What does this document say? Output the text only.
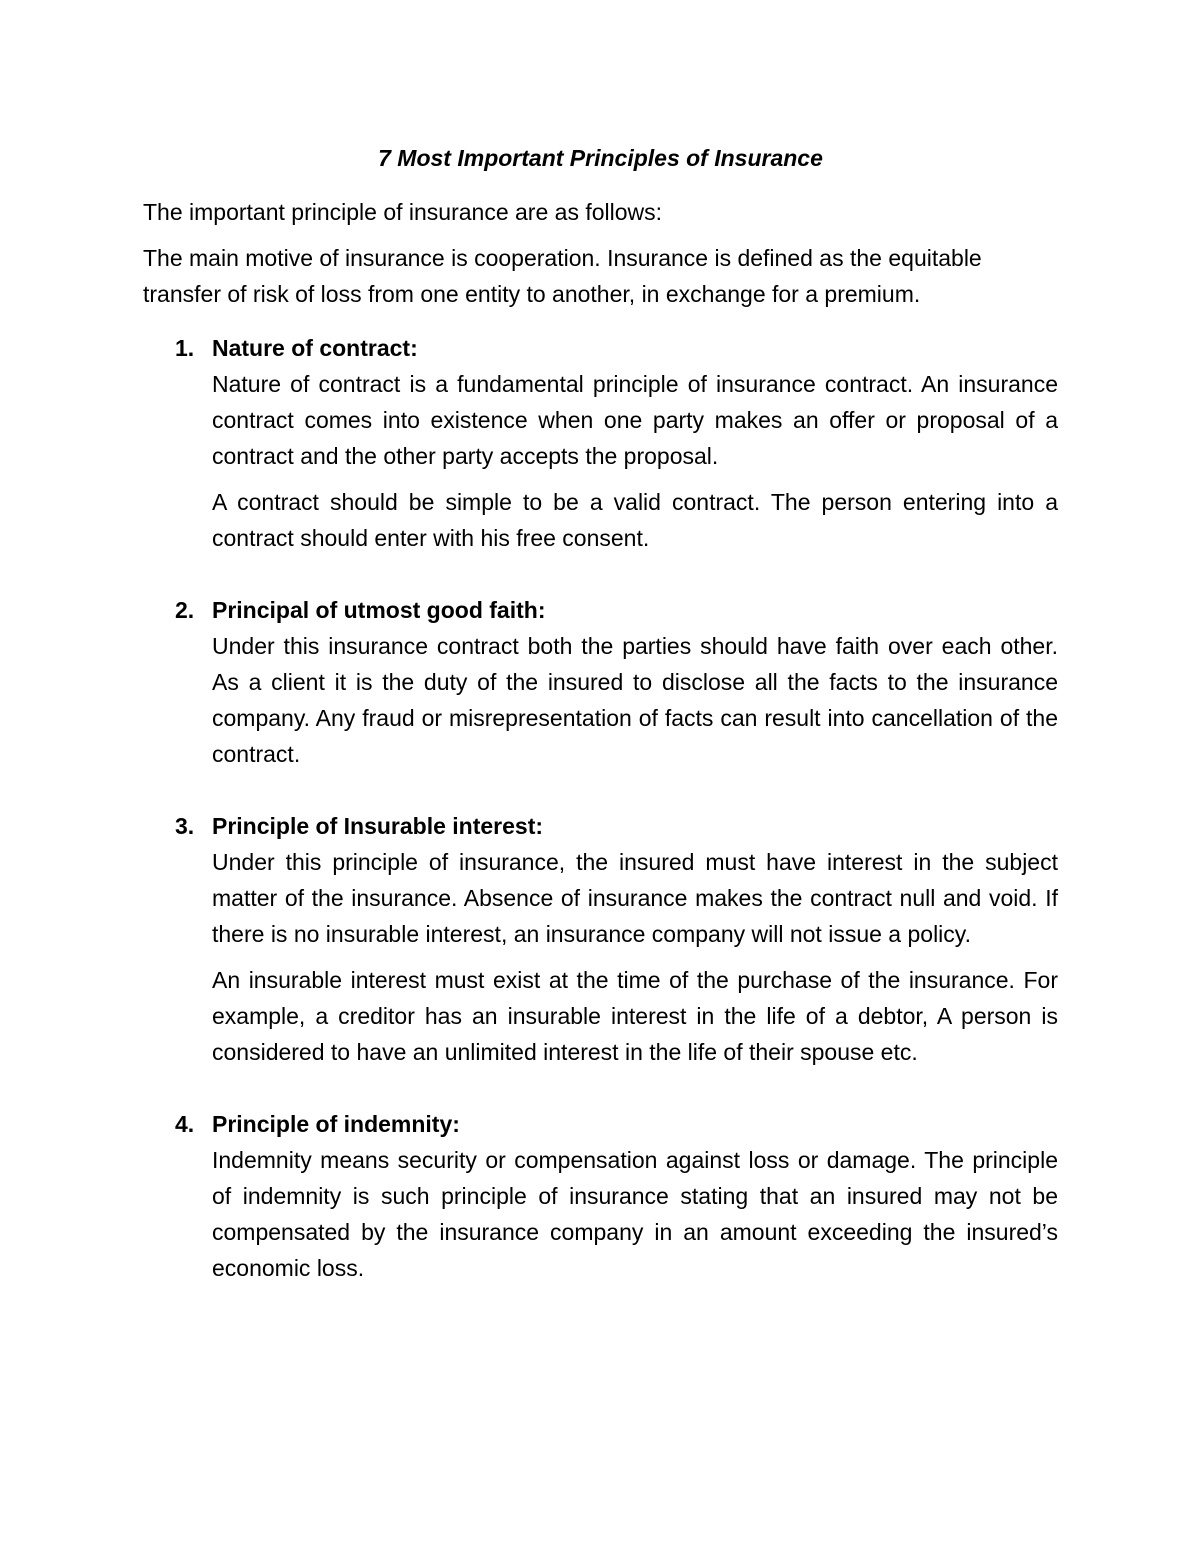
7 Most Important Principles of Insurance

The important principle of insurance are as follows:

The main motive of insurance is cooperation. Insurance is defined as the equitable transfer of risk of loss from one entity to another, in exchange for a premium.

1. Nature of contract:

Nature of contract is a fundamental principle of insurance contract. An insurance contract comes into existence when one party makes an offer or proposal of a contract and the other party accepts the proposal.

A contract should be simple to be a valid contract. The person entering into a contract should enter with his free consent.

2. Principal of utmost good faith:

Under this insurance contract both the parties should have faith over each other. As a client it is the duty of the insured to disclose all the facts to the insurance company. Any fraud or misrepresentation of facts can result into cancellation of the contract.

3. Principle of Insurable interest:

Under this principle of insurance, the insured must have interest in the subject matter of the insurance. Absence of insurance makes the contract null and void. If there is no insurable interest, an insurance company will not issue a policy.

An insurable interest must exist at the time of the purchase of the insurance. For example, a creditor has an insurable interest in the life of a debtor, A person is considered to have an unlimited interest in the life of their spouse etc.

4. Principle of indemnity:

Indemnity means security or compensation against loss or damage. The principle of indemnity is such principle of insurance stating that an insured may not be compensated by the insurance company in an amount exceeding the insured’s economic loss.
